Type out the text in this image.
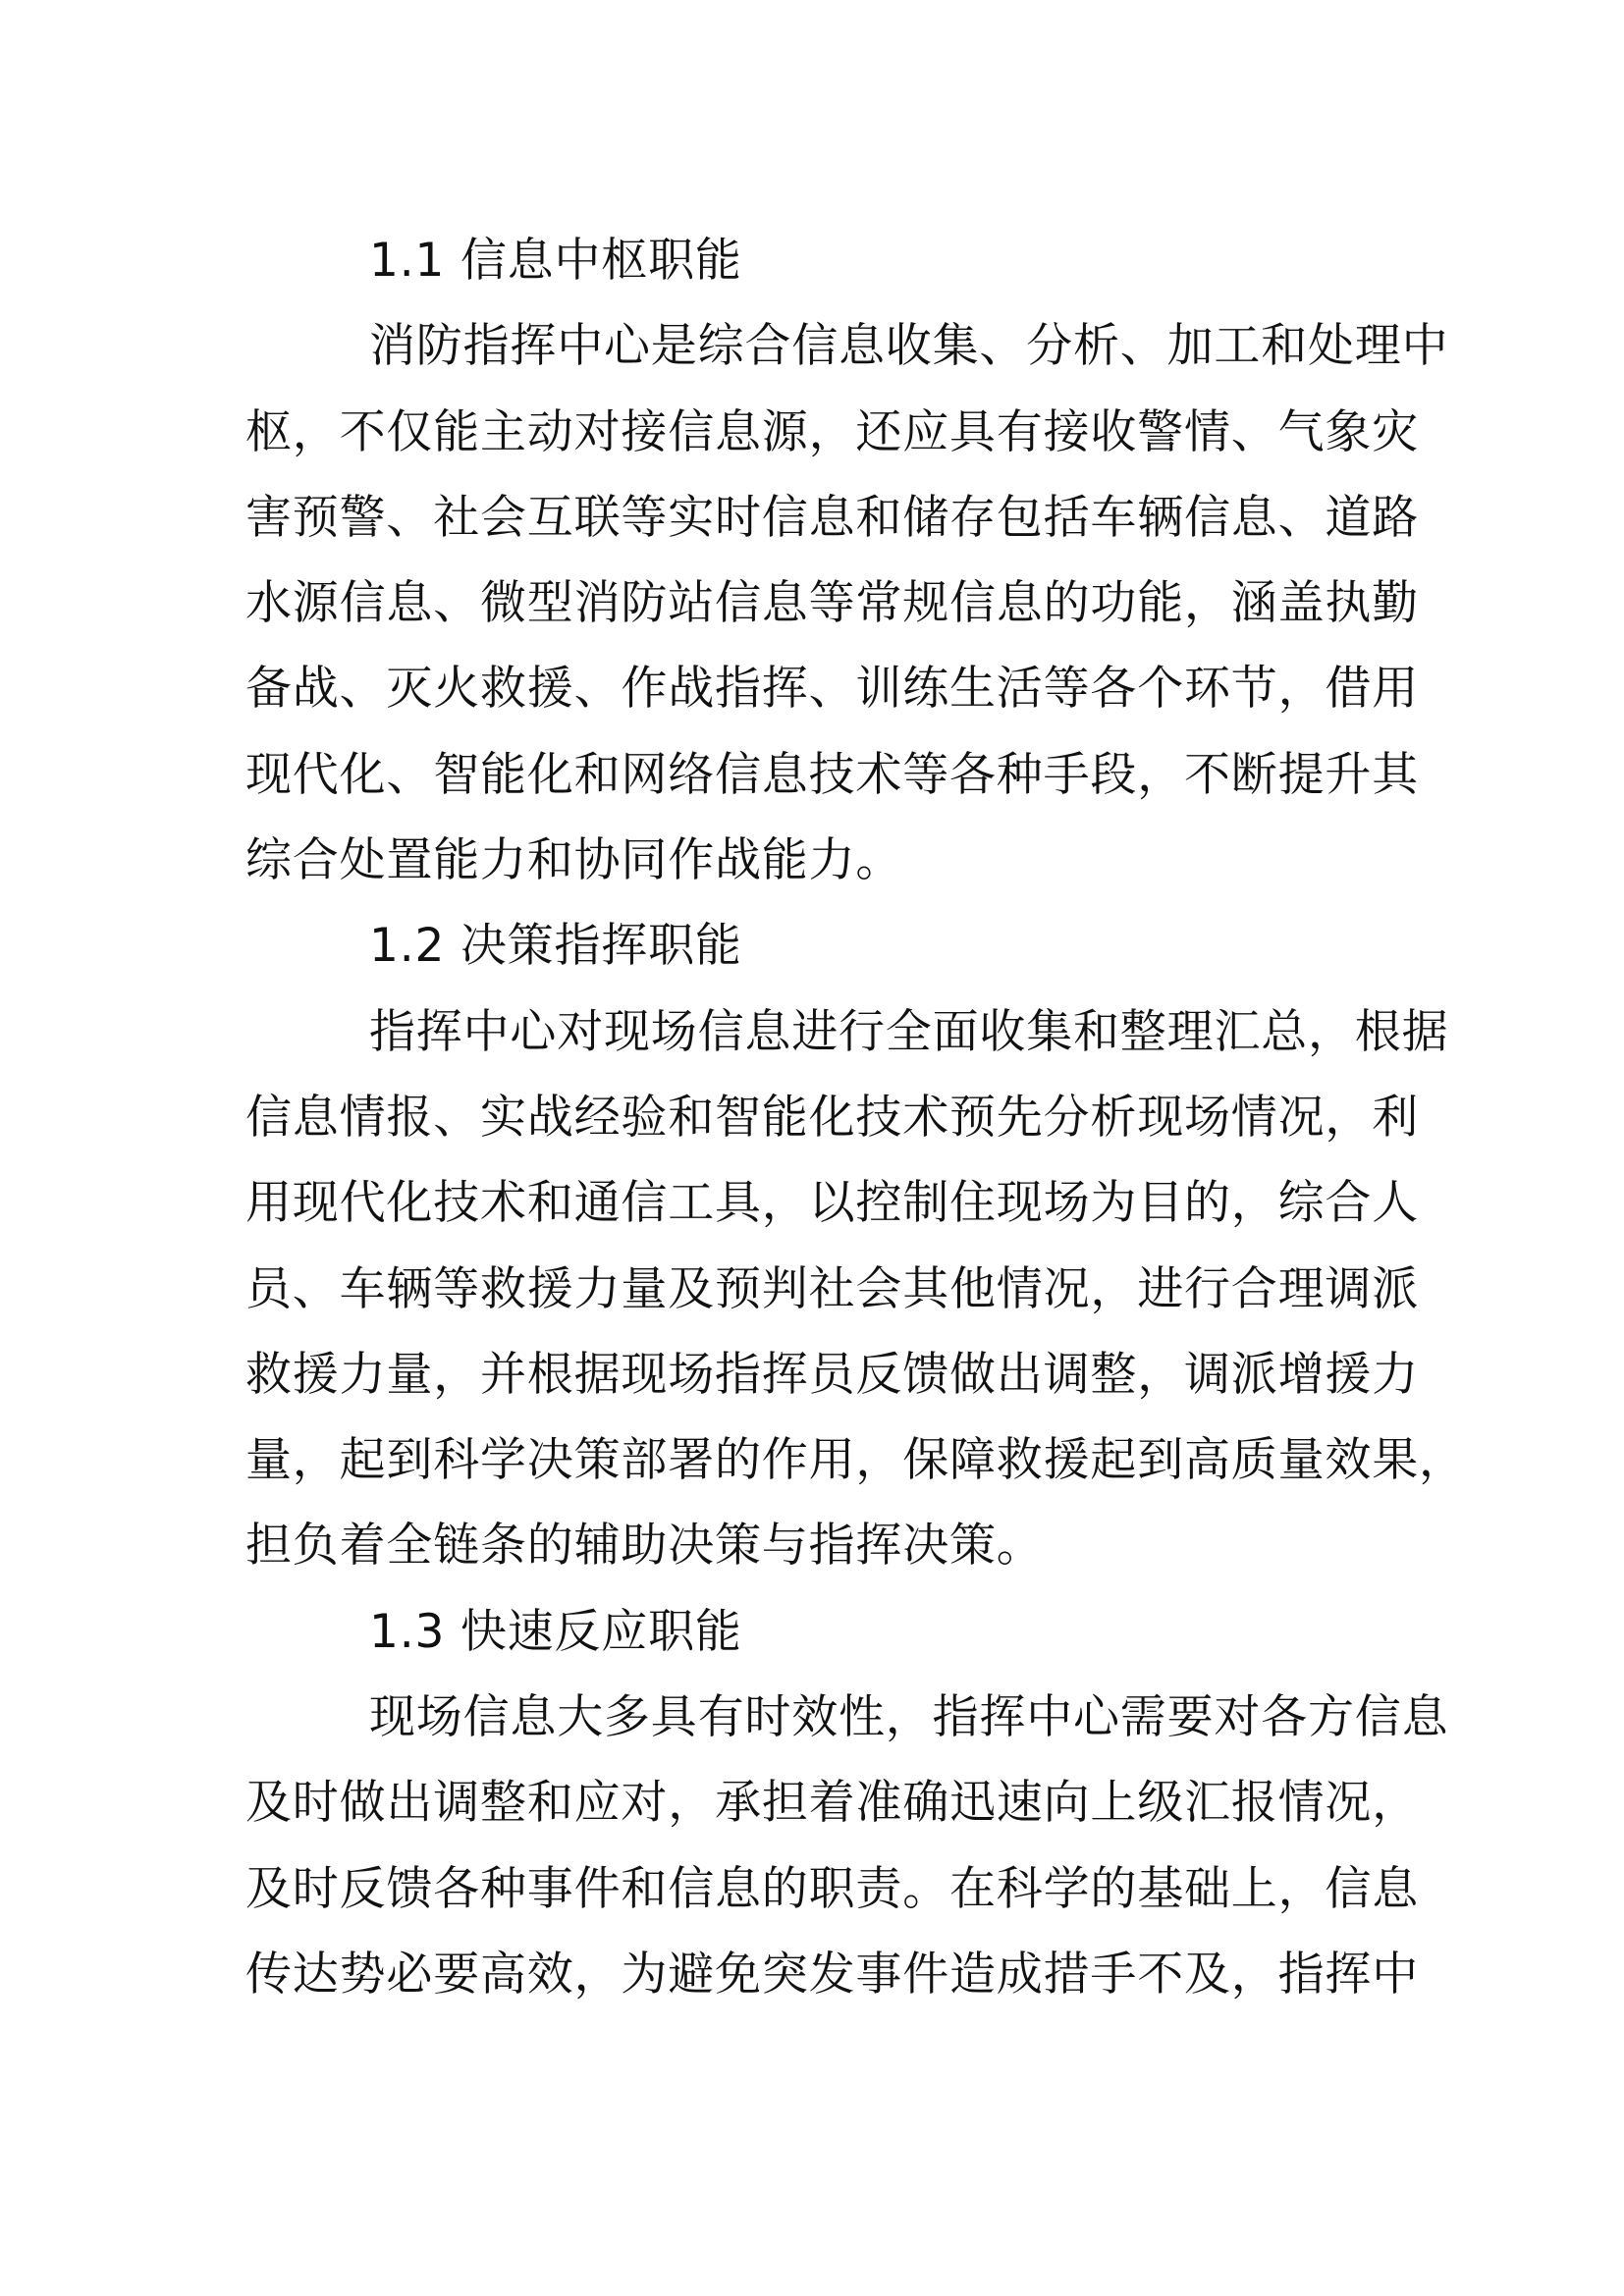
1.1 信息中枢职能
消防指挥中心是综合信息收集、分析、加工和处理中
枢，不仅能主动对接信息源，还应具有接收警情、气象灾
害预警、社会互联等实时信息和储存包括车辆信息、道路
水源信息、微型消防站信息等常规信息的功能，涵盖执勤
备战、灭火救援、作战指挥、训练生活等各个环节，借用
现代化、智能化和网络信息技术等各种手段，不断提升其
综合处置能力和协同作战能力。
1.2 决策指挥职能
指挥中心对现场信息进行全面收集和整理汇总，根据
信息情报、实战经验和智能化技术预先分析现场情况，利
用现代化技术和通信工具，以控制住现场为目的，综合人
员、车辆等救援力量及预判社会其他情况，进行合理调派
救援力量，并根据现场指挥员反馈做出调整，调派增援力
量，起到科学决策部署的作用，保障救援起到高质量效果，
担负着全链条的辅助决策与指挥决策。
1.3 快速反应职能
现场信息大多具有时效性，指挥中心需要对各方信息
及时做出调整和应对，承担着准确迅速向上级汇报情况，
及时反馈各种事件和信息的职责。在科学的基础上，信息
传达势必要高效，为避免突发事件造成措手不及，指挥中
